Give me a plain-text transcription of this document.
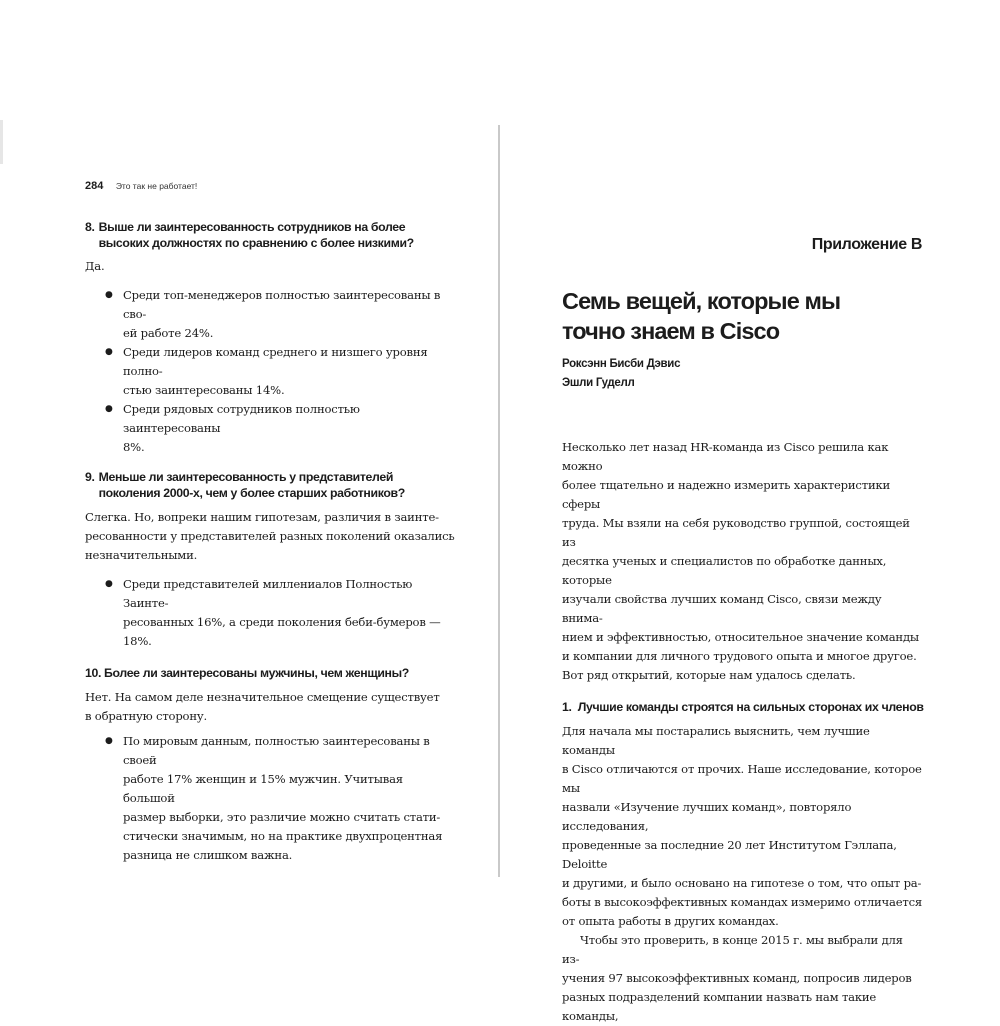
284 Это так не работает!
8. Выше ли заинтересованность сотрудников на более
высоких должностях по сравнению с более низкими?
Да.
● Среди топ-менеджеров полностью заинтересованы в сво-
ей работе 24%.
● Среди лидеров команд среднего и низшего уровня полно-
стью заинтересованы 14%.
● Среди рядовых сотрудников полностью заинтересованы
8%.
9. Меньше ли заинтересованность у представителей
поколения 2000-х, чем у более старших работников?
Слегка. Но, вопреки нашим гипотезам, различия в заинте-
ресованности у представителей разных поколений оказались
незначительными.
● Среди представителей миллениалов Полностью Заинте-
ресованных 16%, а среди поколения беби-бумеров — 18%.
10. Более ли заинтересованы мужчины, чем женщины?
Нет. На самом деле незначительное смещение существует
в обратную сторону.
● По мировым данным, полностью заинтересованы в своей
работе 17% женщин и 15% мужчин. Учитывая большой
размер выборки, это различие можно считать стати-
стически значимым, но на практике двухпроцентная
разница не слишком важна.
Приложение В
Семь вещей, которые мы
точно знаем в Cisco
Роксэнн Бисби Дэвис
Эшли Гуделл
Несколько лет назад HR-команда из Cisco решила как можно
более тщательно и надежно измерить характеристики сферы
труда. Мы взяли на себя руководство группой, состоящей из
десятка ученых и специалистов по обработке данных, которые
изучали свойства лучших команд Cisco, связи между внима-
нием и эффективностью, относительное значение команды
и компании для личного трудового опыта и многое другое.
Вот ряд открытий, которые нам удалось сделать.
1.  Лучшие команды строятся на сильных сторонах их членов
Для начала мы постарались выяснить, чем лучшие команды
в Cisco отличаются от прочих. Наше исследование, которое мы
назвали «Изучение лучших команд», повторяло исследования,
проведенные за последние 20 лет Институтом Гэллапа, Deloitte
и другими, и было основано на гипотезе о том, что опыт ра-
боты в высокоэффективных командах измеримо отличается
от опыта работы в других командах.
Чтобы это проверить, в конце 2015 г. мы выбрали для из-
учения 97 высокоэффективных команд, попросив лидеров
разных подразделений компании назвать нам такие команды,
